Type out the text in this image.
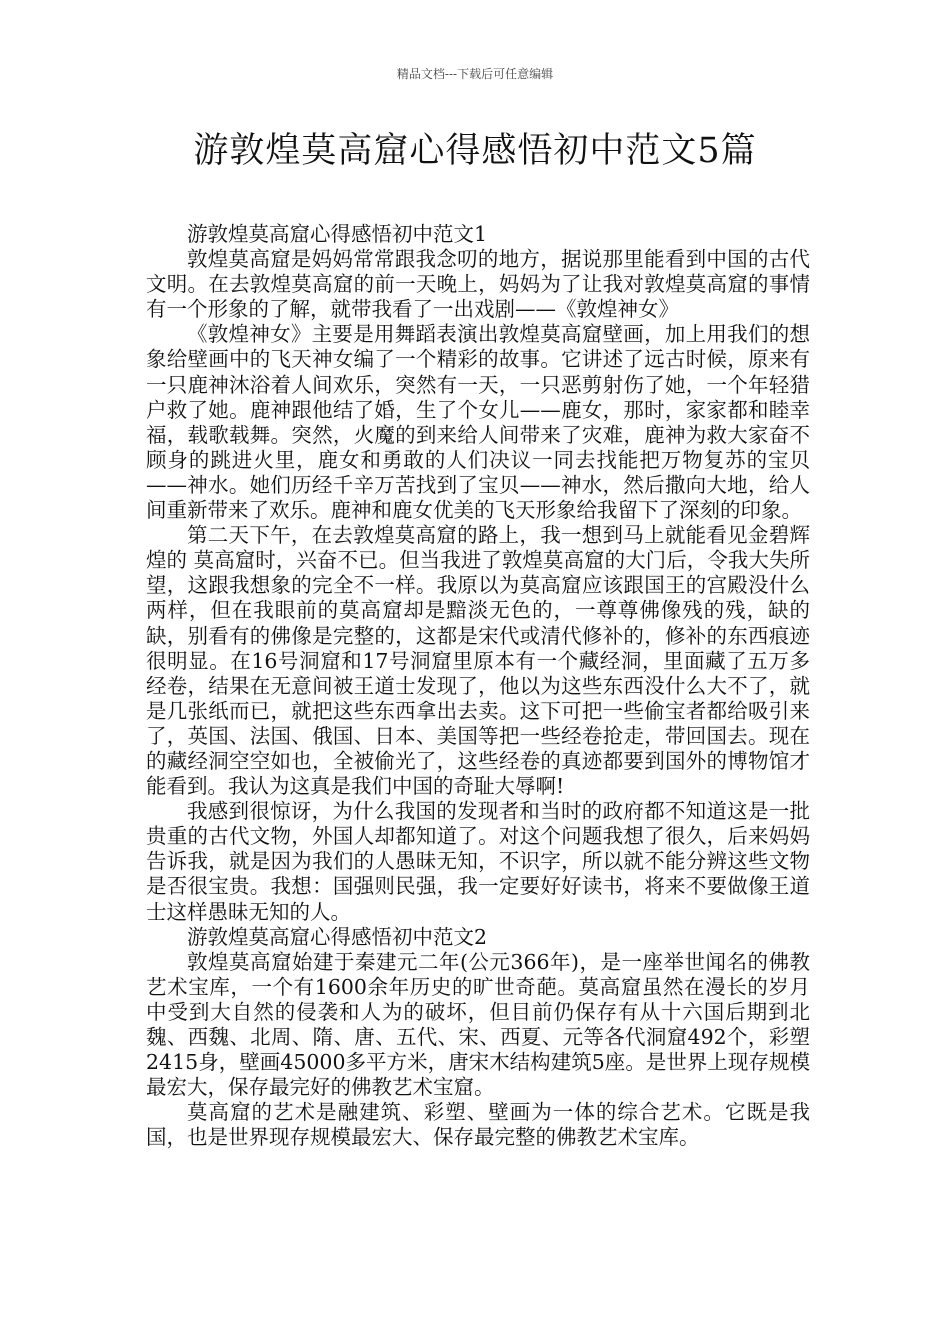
精品文档---下载后可任意编辑
游敦煌莫高窟心得感悟初中范文5篇

游敦煌莫高窟心得感悟初中范文1

敦煌莫高窟是妈妈常常跟我念叨的地方，据说那里能看到中国的古代文明。在去敦煌莫高窟的前一天晚上，妈妈为了让我对敦煌莫高窟的事情有一个形象的了解，就带我看了一出戏剧——《敦煌神女》

《敦煌神女》主要是用舞蹈表演出敦煌莫高窟壁画，加上用我们的想象给壁画中的飞天神女编了一个精彩的故事。它讲述了远古时候，原来有一只鹿神沐浴着人间欢乐，突然有一天，一只恶剪射伤了她，一个年轻猎户救了她。鹿神跟他结了婚，生了个女儿——鹿女，那时，家家都和睦幸福，载歌载舞。突然，火魔的到来给人间带来了灾难，鹿神为救大家奋不顾身的跳进火里，鹿女和勇敢的人们决议一同去找能把万物复苏的宝贝——神水。她们历经千辛万苦找到了宝贝——神水，然后撒向大地，给人间重新带来了欢乐。鹿神和鹿女优美的飞天形象给我留下了深刻的印象。

第二天下午，在去敦煌莫高窟的路上，我一想到马上就能看见金碧辉煌的 莫高窟时，兴奋不已。但当我进了敦煌莫高窟的大门后，令我大失所望，这跟我想象的完全不一样。我原以为莫高窟应该跟国王的宫殿没什么两样，但在我眼前的莫高窟却是黯淡无色的，一尊尊佛像残的残，缺的缺，别看有的佛像是完整的，这都是宋代或清代修补的，修补的东西痕迹很明显。在16号洞窟和17号洞窟里原本有一个藏经洞，里面藏了五万多经卷，结果在无意间被王道士发现了，他以为这些东西没什么大不了，就是几张纸而已，就把这些东西拿出去卖。这下可把一些偷宝者都给吸引来了，英国、法国、俄国、日本、美国等把一些经卷抢走，带回国去。现在的藏经洞空空如也，全被偷光了，这些经卷的真迹都要到国外的博物馆才能看到。我认为这真是我们中国的奇耻大辱啊!

我感到很惊讶，为什么我国的发现者和当时的政府都不知道这是一批贵重的古代文物，外国人却都知道了。对这个问题我想了很久，后来妈妈告诉我，就是因为我们的人愚昧无知，不识字，所以就不能分辨这些文物是否很宝贵。我想：国强则民强，我一定要好好读书，将来不要做像王道士这样愚昧无知的人。

游敦煌莫高窟心得感悟初中范文2

敦煌莫高窟始建于秦建元二年(公元366年)，是一座举世闻名的佛教艺术宝库，一个有1600余年历史的旷世奇葩。莫高窟虽然在漫长的岁月中受到大自然的侵袭和人为的破坏，但目前仍保存有从十六国后期到北魏、西魏、北周、隋、唐、五代、宋、西夏、元等各代洞窟492个，彩塑2415身，壁画45000多平方米，唐宋木结构建筑5座。是世界上现存规模最宏大，保存最完好的佛教艺术宝窟。

莫高窟的艺术是融建筑、彩塑、壁画为一体的综合艺术。它既是我国，也是世界现存规模最宏大、保存最完整的佛教艺术宝库。
